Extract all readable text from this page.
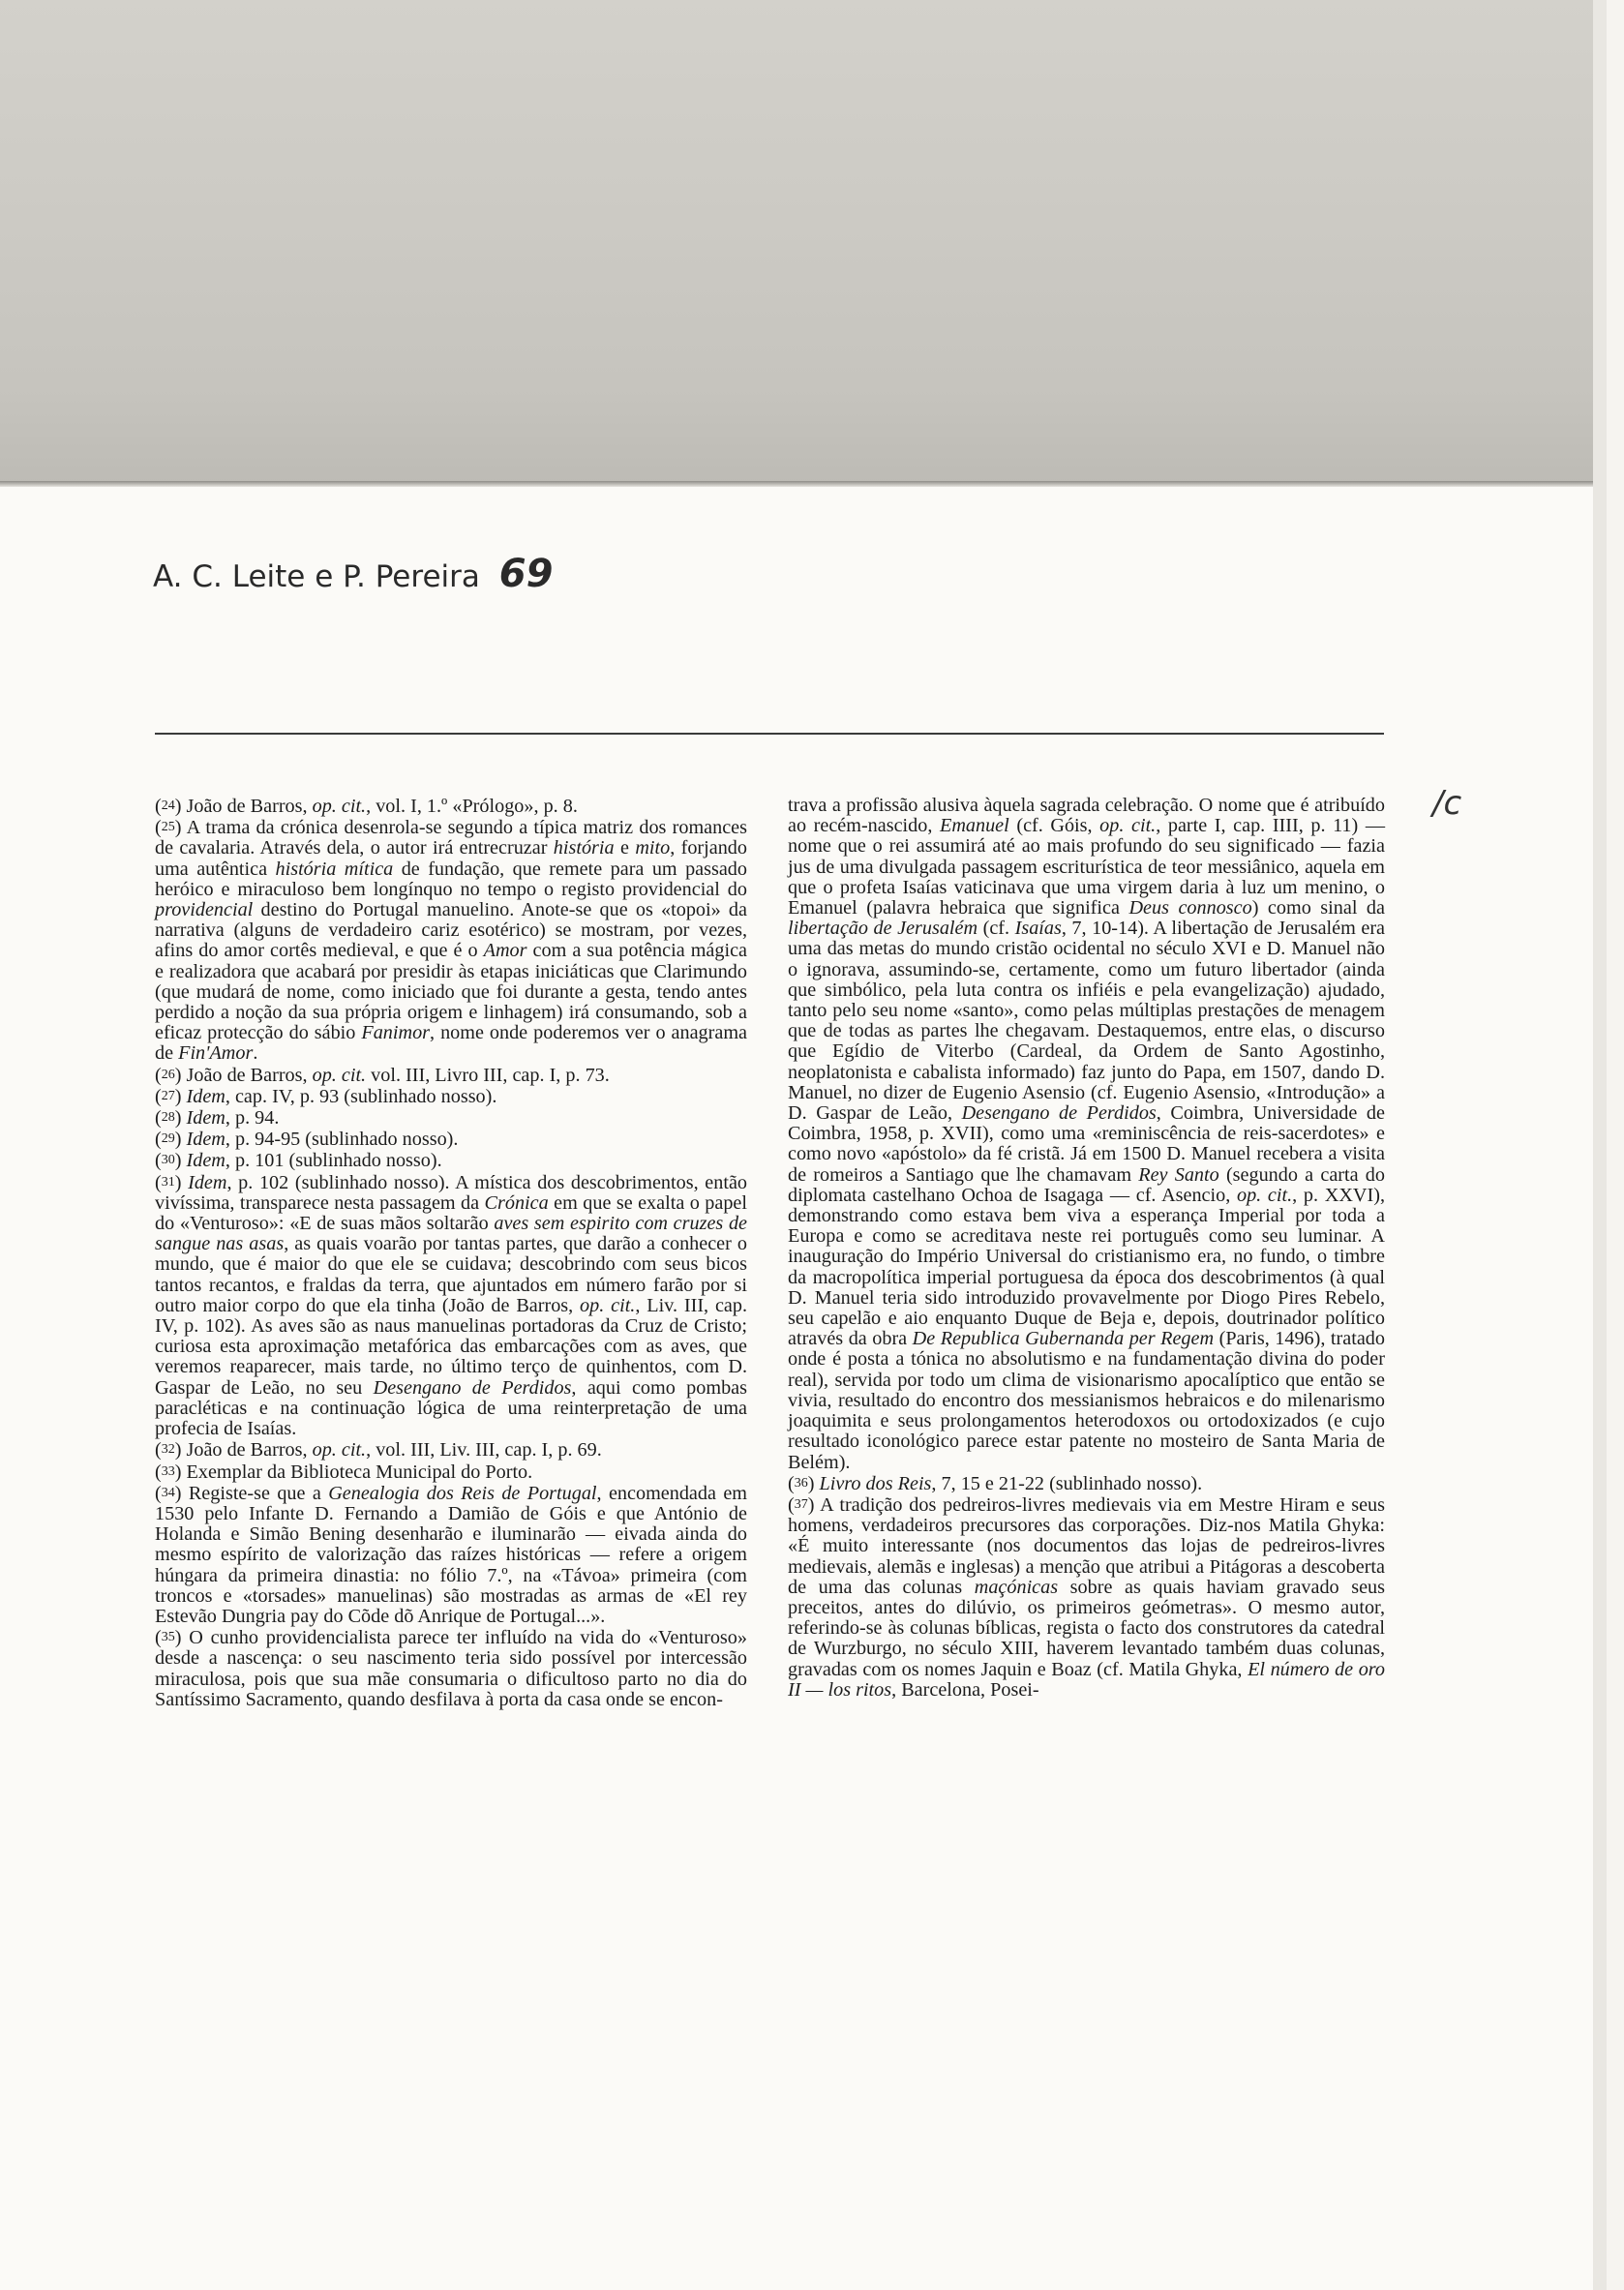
A. C. Leite e P. Pereira 69
/c

($^{24}$) João de Barros, op. cit., vol. I, 1.º «Prólogo», p. 8.

($^{25}$) A trama da crónica desenrola-se segundo a típica matriz dos romances de cavalaria. Através dela, o autor irá entrecruzar história e mito, forjando uma autêntica história mítica de fundação, que remete para um passado heróico e miraculoso bem longínquo no tempo o registo providencial do providencial destino do Portugal manuelino. Anote-se que os «topoi» da narrativa (alguns de verdadeiro cariz esotérico) se mostram, por vezes, afins do amor cortês medieval, e que é o Amor com a sua potência mágica e realizadora que acabará por presidir às etapas iniciáticas que Clarimundo (que mudará de nome, como iniciado que foi durante a gesta, tendo antes perdido a noção da sua própria origem e linhagem) irá consumando, sob a eficaz protecção do sábio Fanimor, nome onde poderemos ver o anagrama de Fin'Amor.

($^{26}$) João de Barros, op. cit. vol. III, Livro III, cap. I, p. 73.

($^{27}$) Idem, cap. IV, p. 93 (sublinhado nosso).

($^{28}$) Idem, p. 94.

($^{29}$) Idem, p. 94-95 (sublinhado nosso).

($^{30}$) Idem, p. 101 (sublinhado nosso).

($^{31}$) Idem, p. 102 (sublinhado nosso). A mística dos descobrimentos, então vivíssima, transparece nesta passagem da Crónica em que se exalta o papel do «Venturoso»: «E de suas mãos soltarão aves sem espirito com cruzes de sangue nas asas, as quais voarão por tantas partes, que darão a conhecer o mundo, que é maior do que ele se cuidava; descobrindo com seus bicos tantos recantos, e fraldas da terra, que ajuntados em número farão por si outro maior corpo do que ela tinha (João de Barros, op. cit., Liv. III, cap. IV, p. 102). As aves são as naus manuelinas portadoras da Cruz de Cristo; curiosa esta aproximação metafórica das embarcações com as aves, que veremos reaparecer, mais tarde, no último terço de quinhentos, com D. Gaspar de Leão, no seu Desengano de Perdidos, aqui como pombas paracléticas e na continuação lógica de uma reinterpretação de uma profecia de Isaías.

($^{32}$) João de Barros, op. cit., vol. III, Liv. III, cap. I, p. 69.

($^{33}$) Exemplar da Biblioteca Municipal do Porto.

($^{34}$) Registe-se que a Genealogia dos Reis de Portugal, encomendada em 1530 pelo Infante D. Fernando a Damião de Góis e que António de Holanda e Simão Bening desenharão e iluminarão — eivada ainda do mesmo espírito de valorização das raízes históricas — refere a origem húngara da primeira dinastia: no fólio 7.º, na «Távoa» primeira (com troncos e «torsades» manuelinas) são mostradas as armas de «El rey Estevão Dungria pay do Cõde dõ Anrique de Portugal...».

($^{35}$) O cunho providencialista parece ter influído na vida do «Venturoso» desde a nascença: o seu nascimento teria sido possível por intercessão miraculosa, pois que sua mãe consumaria o dificultoso parto no dia do Santíssimo Sacramento, quando desfilava à porta da casa onde se encon-

trava a profissão alusiva àquela sagrada celebração. O nome que é atribuído ao recém-nascido, Emanuel (cf. Góis, op. cit., parte I, cap. IIII, p. 11) — nome que o rei assumirá até ao mais profundo do seu significado — fazia jus de uma divulgada passagem escriturística de teor messiânico, aquela em que o profeta Isaías vaticinava que uma virgem daria à luz um menino, o Emanuel (palavra hebraica que significa Deus connosco) como sinal da libertação de Jerusalém (cf. Isaías, 7, 10-14). A libertação de Jerusalém era uma das metas do mundo cristão ocidental no século XVI e D. Manuel não o ignorava, assumindo-se, certamente, como um futuro libertador (ainda que simbólico, pela luta contra os infiéis e pela evangelização) ajudado, tanto pelo seu nome «santo», como pelas múltiplas prestações de menagem que de todas as partes lhe chegavam. Destaquemos, entre elas, o discurso que Egídio de Viterbo (Cardeal, da Ordem de Santo Agostinho, neoplatonista e cabalista informado) faz junto do Papa, em 1507, dando D. Manuel, no dizer de Eugenio Asensio (cf. Eugenio Asensio, «Introdução» a D. Gaspar de Leão, Desengano de Perdidos, Coimbra, Universidade de Coimbra, 1958, p. XVII), como uma «reminiscência de reis-sacerdotes» e como novo «apóstolo» da fé cristã. Já em 1500 D. Manuel recebera a visita de romeiros a Santiago que lhe chamavam Rey Santo (segundo a carta do diplomata castelhano Ochoa de Isagaga — cf. Asencio, op. cit., p. XXVI), demonstrando como estava bem viva a esperança Imperial por toda a Europa e como se acreditava neste rei português como seu luminar. A inauguração do Império Universal do cristianismo era, no fundo, o timbre da macropolítica imperial portuguesa da época dos descobrimentos (à qual D. Manuel teria sido introduzido provavelmente por Diogo Pires Rebelo, seu capelão e aio enquanto Duque de Beja e, depois, doutrinador político através da obra De Republica Gubernanda per Regem (Paris, 1496), tratado onde é posta a tónica no absolutismo e na fundamentação divina do poder real), servida por todo um clima de visionarismo apocalíptico que então se vivia, resultado do encontro dos messianismos hebraicos e do milenarismo joaquimita e seus prolongamentos heterodoxos ou ortodoxizados (e cujo resultado iconológico parece estar patente no mosteiro de Santa Maria de Belém).

($^{36}$) Livro dos Reis, 7, 15 e 21-22 (sublinhado nosso).

($^{37}$) A tradição dos pedreiros-livres medievais via em Mestre Hiram e seus homens, verdadeiros precursores das corporações. Diz-nos Matila Ghyka: «É muito interessante (nos documentos das lojas de pedreiros-livres medievais, alemãs e inglesas) a menção que atribui a Pitágoras a descoberta de uma das colunas maçónicas sobre as quais haviam gravado seus preceitos, antes do dilúvio, os primeiros geómetras». O mesmo autor, referindo-se às colunas bíblicas, regista o facto dos construtores da catedral de Wurzburgo, no século XIII, haverem levantado também duas colunas, gravadas com os nomes Jaquin e Boaz (cf. Matila Ghyka, El número de oro II — los ritos, Barcelona, Posei-
